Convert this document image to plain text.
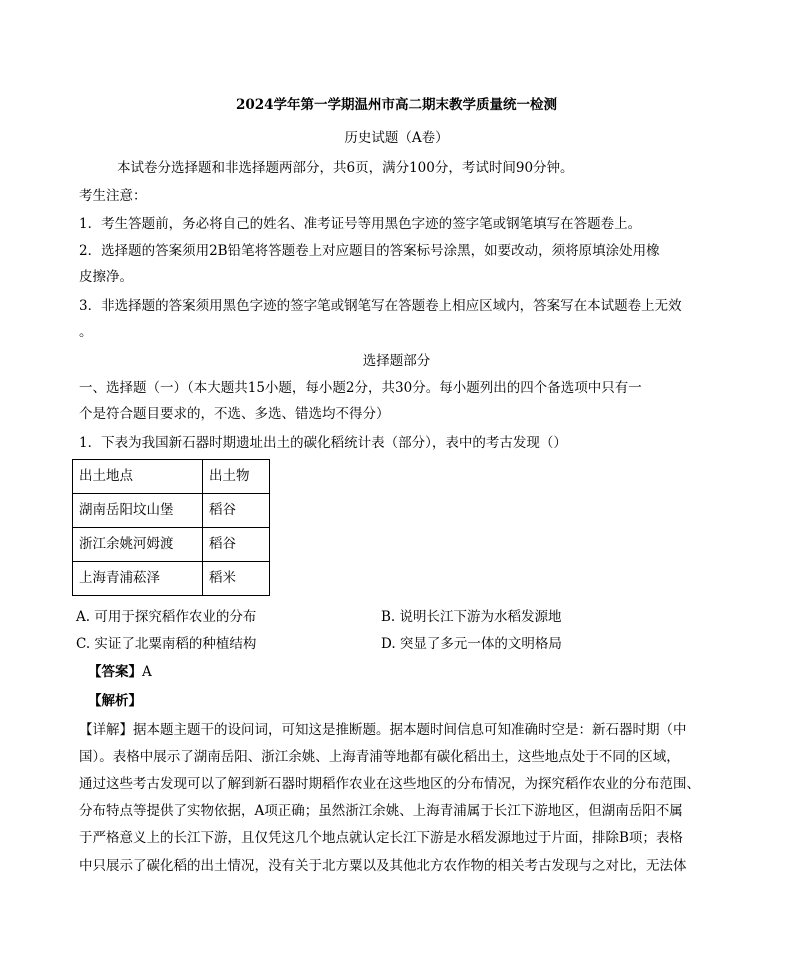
2024学年第一学期温州市高二期末教学质量统一检测
历史试题（A卷）
本试卷分选择题和非选择题两部分，共6页，满分100分，考试时间90分钟。
考生注意：
1．考生答题前，务必将自己的姓名、准考证号等用黑色字迹的签字笔或钢笔填写在答题卷上。
2．选择题的答案须用2B铅笔将答题卷上对应题目的答案标号涂黑，如要改动，须将原填涂处用橡
皮擦净。
3．非选择题的答案须用黑色字迹的签字笔或钢笔写在答题卷上相应区域内，答案写在本试题卷上无效
。
选择题部分
一、选择题（一）（本大题共15小题，每小题2分，共30分。每小题列出的四个备选项中只有一
个是符合题目要求的，不选、多选、错选均不得分）
1．下表为我国新石器时期遗址出土的碳化稻统计表（部分），表中的考古发现（）
出土地点	出土物
湖南岳阳坟山堡	稻谷
浙江余姚河姆渡	稻谷
上海青浦菘泽	稻米
A. 可用于探究稻作农业的分布	B. 说明长江下游为水稻发源地
C. 实证了北粟南稻的种植结构	D. 突显了多元一体的文明格局
【答案】A
【解析】
【详解】据本题主题干的设问词，可知这是推断题。据本题时间信息可知准确时空是：新石器时期（中
国）。表格中展示了湖南岳阳、浙江余姚、上海青浦等地都有碳化稻出土，这些地点处于不同的区域，
通过这些考古发现可以了解到新石器时期稻作农业在这些地区的分布情况，为探究稻作农业的分布范围、
分布特点等提供了实物依据，A项正确；虽然浙江余姚、上海青浦属于长江下游地区，但湖南岳阳不属
于严格意义上的长江下游，且仅凭这几个地点就认定长江下游是水稻发源地过于片面，排除B项；表格
中只展示了碳化稻的出土情况，没有关于北方粟以及其他北方农作物的相关考古发现与之对比，无法体
